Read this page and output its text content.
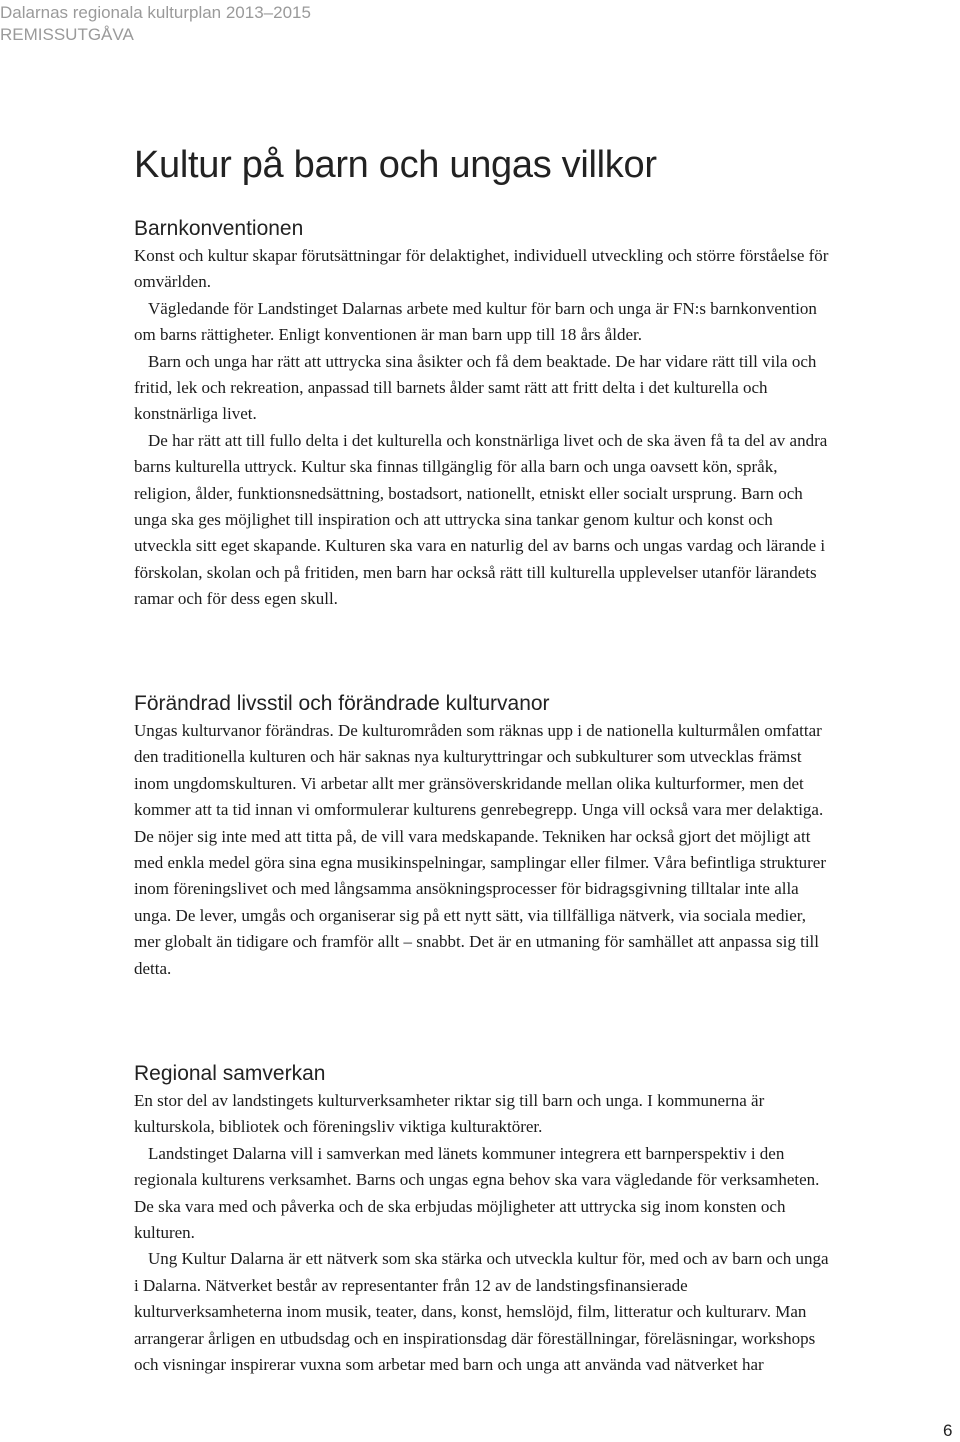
Dalarnas regionala kulturplan 2013–2015
REMISSUTGÅVA
Kultur på barn och ungas villkor
Barnkonventionen

Konst och kultur skapar förutsättningar för delaktighet, individuell utveckling och större förståelse för omvärlden.

Vägledande för Landstinget Dalarnas arbete med kultur för barn och unga är FN:s barnkonvention om barns rättigheter. Enligt konventionen är man barn upp till 18 års ålder.

Barn och unga har rätt att uttrycka sina åsikter och få dem beaktade. De har vidare rätt till vila och fritid, lek och rekreation, anpassad till barnets ålder samt rätt att fritt delta i det kulturella och konstnärliga livet.

De har rätt att till fullo delta i det kulturella och konstnärliga livet och de ska även få ta del av andra barns kulturella uttryck. Kultur ska finnas tillgänglig för alla barn och unga oavsett kön, språk, religion, ålder, funktionsnedsättning, bostadsort, nationellt, etniskt eller socialt ursprung. Barn och unga ska ges möjlighet till inspiration och att uttrycka sina tankar genom kultur och konst och utveckla sitt eget skapande. Kulturen ska vara en naturlig del av barns och ungas vardag och lärande i förskolan, skolan och på fritiden, men barn har också rätt till kulturella upplevelser utanför lärandets ramar och för dess egen skull.

Förändrad livsstil och förändrade kulturvanor

Ungas kulturvanor förändras. De kulturområden som räknas upp i de nationella kulturmålen omfattar den traditionella kulturen och här saknas nya kulturyttringar och subkulturer som utvecklas främst inom ungdomskulturen. Vi arbetar allt mer gränsöverskridande mellan olika kulturformer, men det kommer att ta tid innan vi omformulerar kulturens genrebegrepp. Unga vill också vara mer delaktiga. De nöjer sig inte med att titta på, de vill vara medskapande. Tekniken har också gjort det möjligt att med enkla medel göra sina egna musikinspelningar, samplingar eller filmer. Våra befintliga strukturer inom föreningslivet och med långsamma ansökningsprocesser för bidragsgivning tilltalar inte alla unga. De lever, umgås och organiserar sig på ett nytt sätt, via tillfälliga nätverk, via sociala medier, mer globalt än tidigare och framför allt – snabbt. Det är en utmaning för samhället att anpassa sig till detta.

Regional samverkan

En stor del av landstingets kulturverksamheter riktar sig till barn och unga. I kommunerna är kulturskola, bibliotek och föreningsliv viktiga kulturaktörer.

Landstinget Dalarna vill i samverkan med länets kommuner integrera ett barnperspektiv i den regionala kulturens verksamhet. Barns och ungas egna behov ska vara vägledande för verksamheten. De ska vara med och påverka och de ska erbjudas möjligheter att uttrycka sig inom konsten och kulturen.

Ung Kultur Dalarna är ett nätverk som ska stärka och utveckla kultur för, med och av barn och unga i Dalarna. Nätverket består av representanter från 12 av de landstingsfinansierade kulturverksamheterna inom musik, teater, dans, konst, hemslöjd, film, litteratur och kulturarv. Man arrangerar årligen en utbudsdag och en inspirationsdag där föreställningar, föreläsningar, workshops och visningar inspirerar vuxna som arbetar med barn och unga att använda vad nätverket har

6
